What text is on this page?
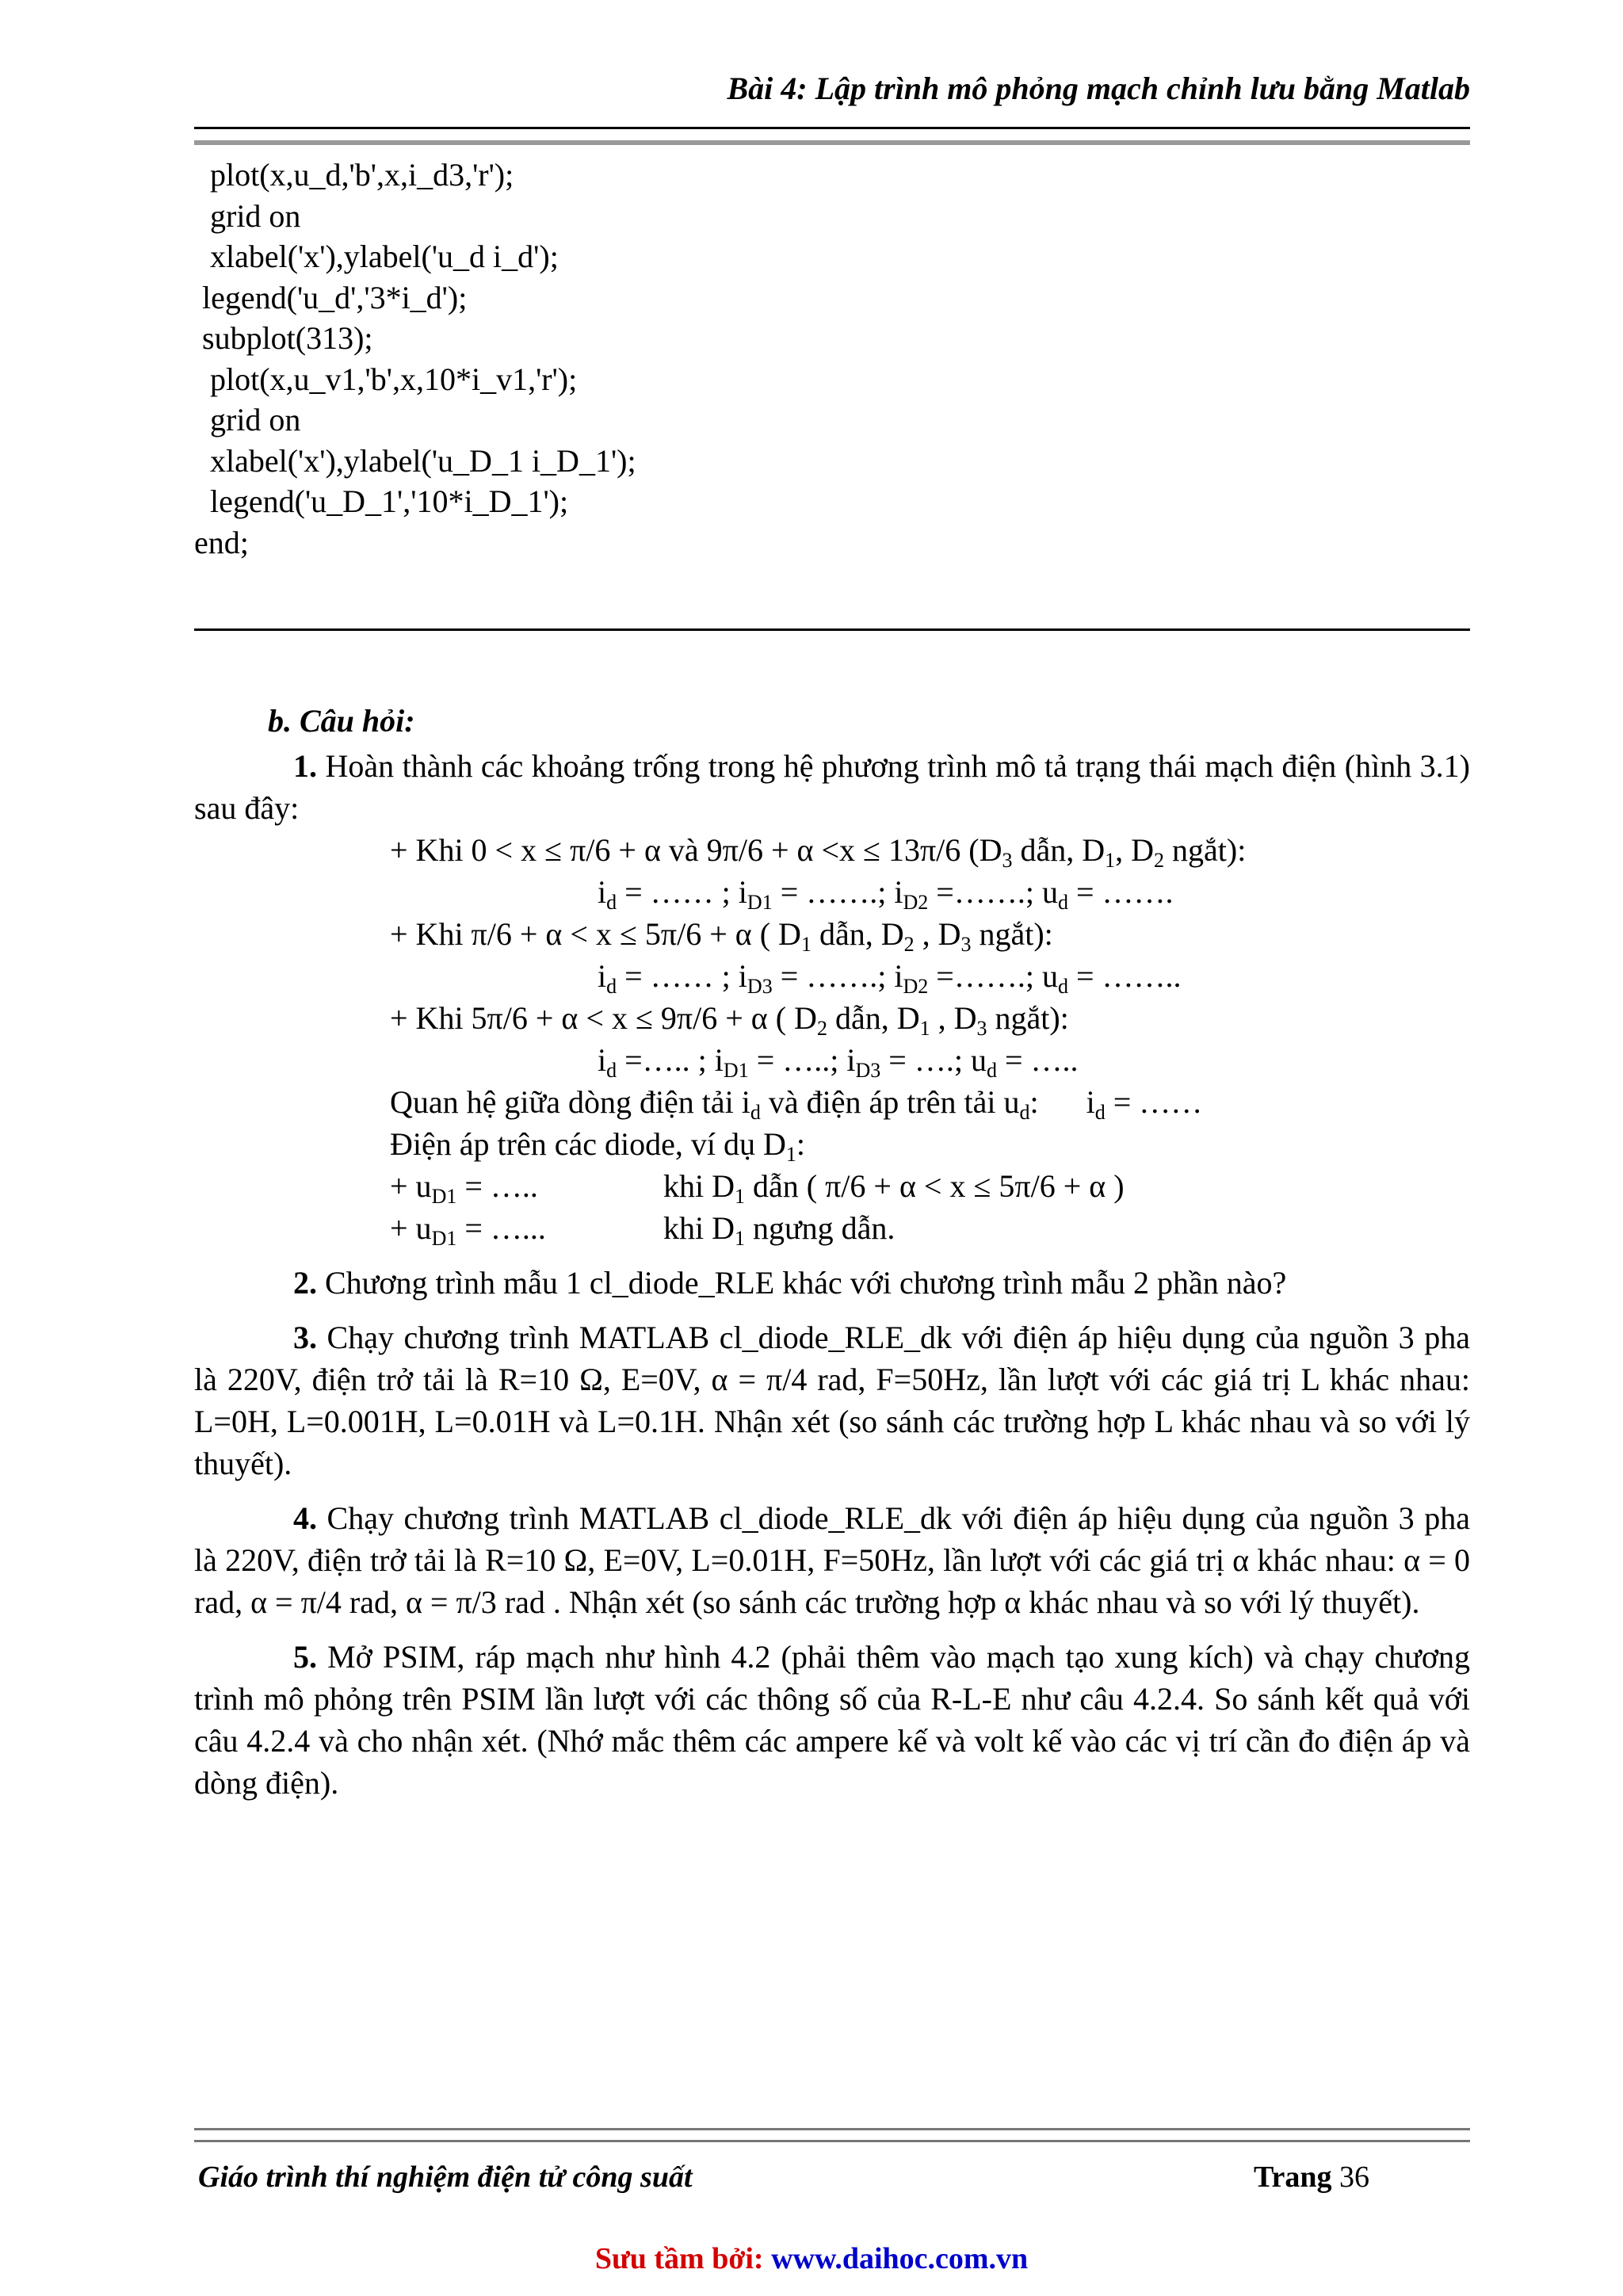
Bài 4: Lập trình mô phỏng mạch chỉnh lưu bằng Matlab
plot(x,u_d,'b',x,i_d3,'r');
grid on
xlabel('x'),ylabel('u_d i_d');
legend('u_d','3*i_d');
subplot(313);
plot(x,u_v1,'b',x,10*i_v1,'r');
grid on
xlabel('x'),ylabel('u_D_1 i_D_1');
legend('u_D_1','10*i_D_1');
end;
b. Câu hỏi:

1. Hoàn thành các khoảng trống trong hệ phương trình mô tả trạng thái mạch điện (hình 3.1) sau đây:

+ Khi 0 < x ≤ π/6 + α và 9π/6 + α <x ≤ 13π/6 ($D_3$ dẫn, $D_1$, $D_2$ ngắt):
$i_d$ = …… ; $i_{D1}$ = …….; $i_{D2}$ =…….; $u_d$ = …….
+ Khi π/6 + α < x ≤ 5π/6 + α ( $D_1$ dẫn, $D_2$ , $D_3$ ngắt):
$i_d$ = …… ; $i_{D3}$ = …….; $i_{D2}$ =…….; $u_d$ = ……..
+ Khi 5π/6 + α < x ≤ 9π/6 + α ( $D_2$ dẫn, $D_1$ , $D_3$ ngắt):
$i_d$ =….. ; $i_{D1}$ = …..; $i_{D3}$ = ….; $u_d$ = …..
Quan hệ giữa dòng điện tải $i_d$ và điện áp trên tải $u_d$:      $i_d$ = ……
Điện áp trên các diode, ví dụ $D_1$:
+ $u_{D1}$ = …..	khi $D_1$ dẫn ( π/6 + α < x ≤ 5π/6 + α )
+ $u_{D1}$ = …...	khi $D_1$ ngưng dẫn.

2. Chương trình mẫu 1 cl_diode_RLE khác với chương trình mẫu 2 phần nào?

3. Chạy chương trình MATLAB cl_diode_RLE_dk với điện áp hiệu dụng của nguồn 3 pha là 220V, điện trở tải là R=10 Ω, E=0V, α = π/4 rad, F=50Hz, lần lượt với các giá trị L khác nhau: L=0H, L=0.001H, L=0.01H và L=0.1H. Nhận xét (so sánh các trường hợp L khác nhau và so với lý thuyết).

4. Chạy chương trình MATLAB cl_diode_RLE_dk với điện áp hiệu dụng của nguồn 3 pha là 220V, điện trở tải là R=10 Ω, E=0V, L=0.01H, F=50Hz, lần lượt với các giá trị α khác nhau: α = 0 rad, α = π/4 rad, α = π/3 rad . Nhận xét (so sánh các trường hợp α khác nhau và so với lý thuyết).

5. Mở PSIM, ráp mạch như hình 4.2 (phải thêm vào mạch tạo xung kích) và chạy chương trình mô phỏng trên PSIM lần lượt với các thông số của R-L-E như câu 4.2.4. So sánh kết quả với câu 4.2.4 và cho nhận xét. (Nhớ mắc thêm các ampere kế và volt kế vào các vị trí cần đo điện áp và dòng điện).

Giáo trình thí nghiệm điện tử công suất	Trang 36
Sưu tầm bởi: www.daihoc.com.vn
